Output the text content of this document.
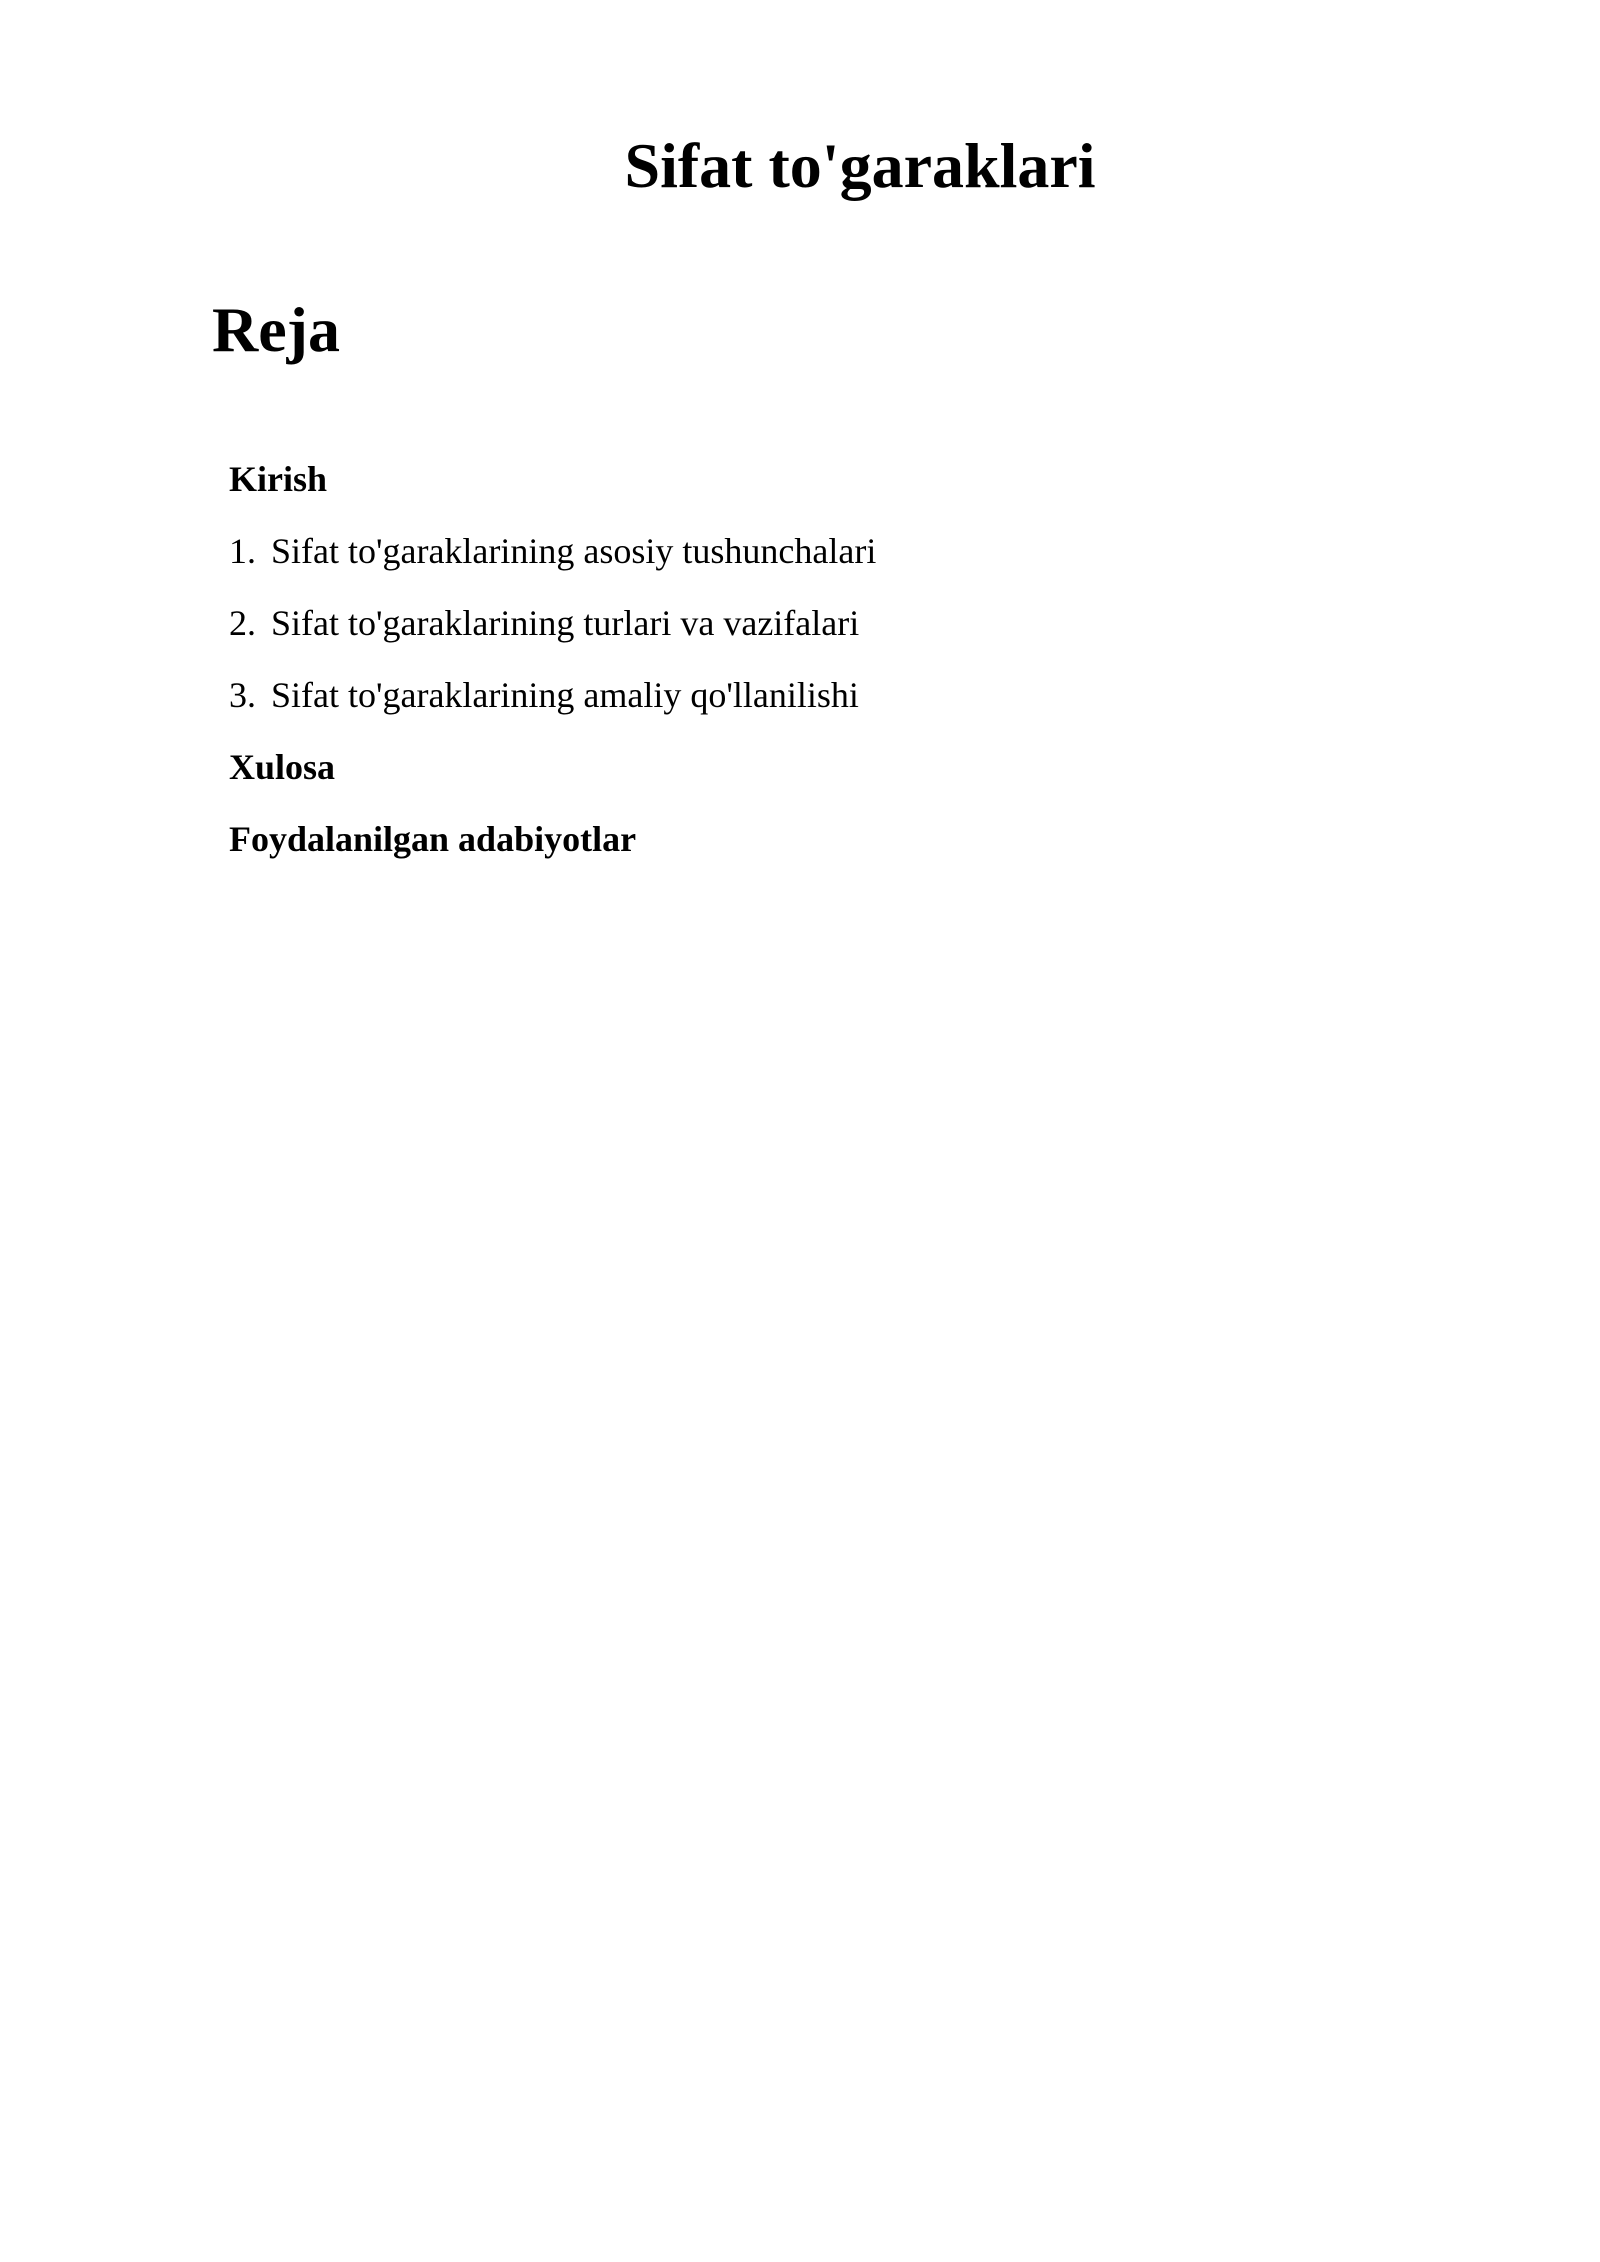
Sifat to'garaklari
Reja
Kirish
1. Sifat to'garaklarining asosiy tushunchalari
2. Sifat to'garaklarining turlari va vazifalari
3. Sifat to'garaklarining amaliy qo'llanilishi
Xulosa
Foydalanilgan adabiyotlar
